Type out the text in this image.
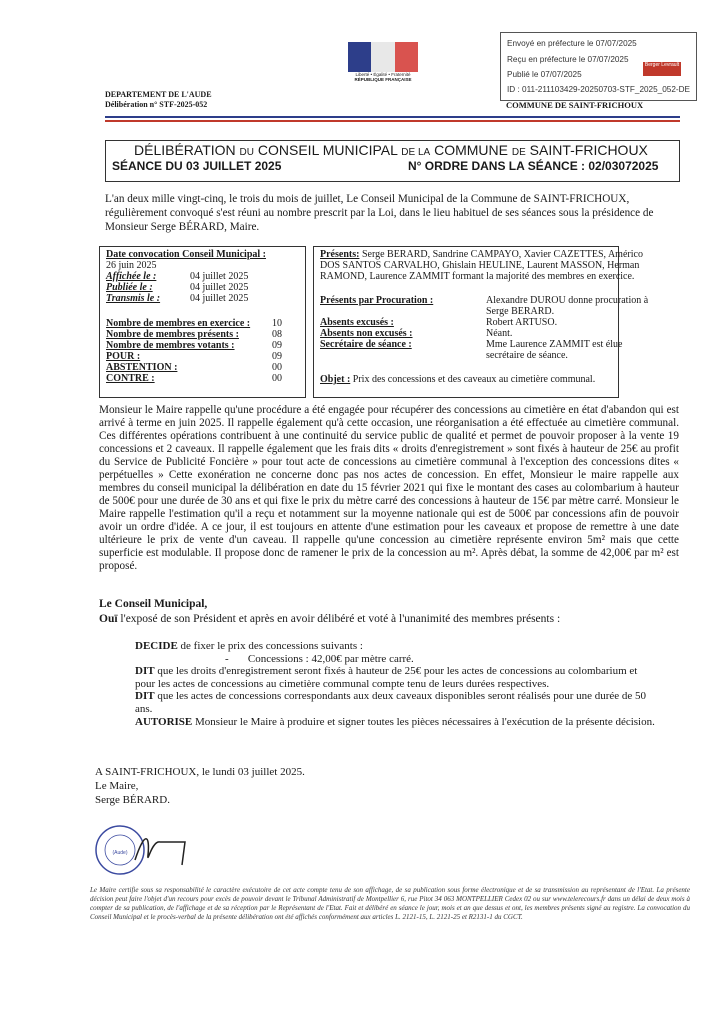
Liberté • Égalité • Fraternité
RÉPUBLIQUE FRANÇAISE
Envoyé en préfecture le 07/07/2025
Reçu en préfecture le 07/07/2025
Publié le 07/07/2025
ID : 011-211103429-20250703-STF_2025_052-DE
Berger Levrault
DEPARTEMENT DE L'AUDE
Délibération n° STF-2025-052	COMMUNE DE SAINT-FRICHOUX
DÉLIBÉRATION DU CONSEIL MUNICIPAL DE LA COMMUNE DE SAINT-FRICHOUX
SÉANCE DU 03 JUILLET 2025	N° ORDRE DANS LA SÉANCE : 02/03072025
L'an deux mille vingt-cinq, le trois du mois de juillet, Le Conseil Municipal de la Commune de SAINT-FRICHOUX, régulièrement convoqué s'est réuni au nombre prescrit par la Loi, dans le lieu habituel de ses séances sous la présidence de Monsieur Serge BÉRARD, Maire.
Date convocation Conseil Municipal :
26 juin 2025
Affichée le :	04 juillet 2025
Publiée le :	04 juillet 2025
Transmis le :	04 juillet 2025
Nombre de membres en exercice : 10
Nombre de membres présents :	08
Nombre de membres votants :	09
POUR :	09
ABSTENTION :	00
CONTRE :	00
Présents: Serge BERARD, Sandrine CAMPAYO, Xavier CAZETTES, Américo
DOS SANTOS CARVALHO, Ghislain HEULINE, Laurent MASSON, Herman
RAMOND, Laurence ZAMMIT formant la majorité des membres en exercice.
Présents par Procuration :	Alexandre DUROU donne procuration à
Serge BERARD.
Absents excusés :	Robert ARTUSO.
Absents non excusés :	Néant.
Secrétaire de séance :	Mme Laurence ZAMMIT est élue
secrétaire de séance.
Objet : Prix des concessions et des caveaux au cimetière communal.
Monsieur le Maire rappelle qu'une procédure a été engagée pour récupérer des concessions au cimetière en état d'abandon qui est arrivé à terme en juin 2025. Il rappelle également qu'à cette occasion, une réorganisation a été effectuée au cimetière communal. Ces différentes opérations contribuent à une continuité du service public de qualité et permet de pouvoir proposer à la vente 19 concessions et 2 caveaux. Il rappelle également que les frais dits « droits d'enregistrement » sont fixés à hauteur de 25€ au profit du Service de Publicité Foncière » pour tout acte de concessions au cimetière communal à l'exception des concessions dites « perpétuelles » Cette exonération ne concerne donc pas nos actes de concession. En effet, Monsieur le maire rappelle aux membres du conseil municipal la délibération en date du 15 février 2021 qui fixe le montant des cases au colombarium à hauteur de 500€ pour une durée de 30 ans et qui fixe le prix du mètre carré des concessions à hauteur de 15€ par mètre carré. Monsieur le Maire rappelle l'estimation qu'il a reçu et notamment sur la moyenne nationale qui est de 500€ par concessions afin de pouvoir avoir un ordre d'idée. A ce jour, il est toujours en attente d'une estimation pour les caveaux et propose de remettre à une date ultérieure le prix de vente d'un caveau. Il rappelle qu'une concession au cimetière représente environ 5m² mais que cette superficie est modulable. Il propose donc de ramener le prix de la concession au m². Après débat, la somme de 42,00€ par m² est proposé.
Le Conseil Municipal,
Ouï l'exposé de son Président et après en avoir délibéré et voté à l'unanimité des membres présents :
DECIDE de fixer le prix des concessions suivants :
-       Concessions : 42,00€ par mètre carré.
DIT que les droits d'enregistrement seront fixés à hauteur de 25€ pour les actes de concessions au colombarium et pour les actes de concessions au cimetière communal compte tenu de leurs durées respectives.
DIT que les actes de concessions correspondants aux deux caveaux disponibles seront réalisés pour une durée de 50 ans.
AUTORISE Monsieur le Maire à produire et signer toutes les pièces nécessaires à l'exécution de la présente décision.
A SAINT-FRICHOUX, le lundi 03 juillet 2025.
Le Maire,
Serge BÉRARD.
(Aude)
Le Maire certifie sous sa responsabilité le caractère exécutoire de cet acte compte tenu de son affichage, de sa publication sous forme électronique et de sa transmission au représentant de l'Etat. La présente décision peut faire l'objet d'un recours pour excès de pouvoir devant le Tribunal Administratif de Montpellier 6, rue Pitot 34 063 MONTPELLIER Cedex 02 ou sur www.telerecours.fr dans un délai de deux mois à compter de sa publication, de l'affichage et de sa réception par le Représentant de l'Etat. Fait et délibéré en séance le jour, mois et an que dessus et ont, les membres présents signé au registre. La convocation du Conseil Municipal et le procès-verbal de la présente délibération ont été affichés conformément aux articles L. 2121-15, L. 2121-25 et R2131-1 du CGCT.
